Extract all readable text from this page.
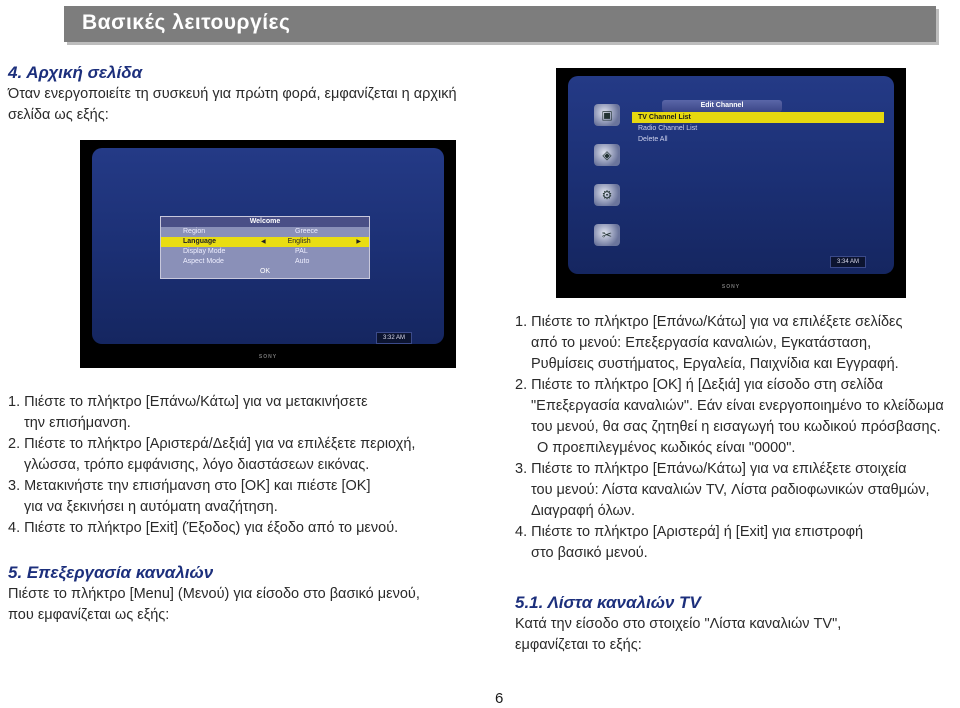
Βασικές λειτουργίες
4. Αρχική σελίδα
Όταν ενεργοποιείτε τη συσκευή για πρώτη φορά, εμφανίζεται η αρχική
σελίδα ως εξής:
Welcome
Region	Greece
Language	◀	English	▶
Display Mode	PAL
Aspect Mode	Auto
OK
3:32 AM
SONY
1. Πιέστε το πλήκτρο [Επάνω/Κάτω] για να μετακινήσετε
την επισήμανση.
2. Πιέστε το πλήκτρο [Αριστερά/Δεξιά] για να επιλέξετε περιοχή,
γλώσσα, τρόπο εμφάνισης, λόγο διαστάσεων εικόνας.
3. Μετακινήστε την επισήμανση στο [OK] και πιέστε [OK]
για να ξεκινήσει η αυτόματη αναζήτηση.
4. Πιέστε το πλήκτρο [Exit] (Έξοδος) για έξοδο από το μενού.
5. Επεξεργασία καναλιών
Πιέστε το πλήκτρο [Menu] (Μενού) για είσοδο στο βασικό μενού,
που εμφανίζεται ως εξής:
▣
◈
⚙
✂
Edit Channel
TV Channel List
Radio Channel List
Delete All
3:34 AM
SONY
1. Πιέστε το πλήκτρο [Επάνω/Κάτω] για να επιλέξετε σελίδες
από το μενού: Επεξεργασία καναλιών, Εγκατάσταση,
Ρυθμίσεις συστήματος, Εργαλεία, Παιχνίδια και Εγγραφή.
2. Πιέστε το πλήκτρο [OK] ή [Δεξιά] για είσοδο στη σελίδα
"Επεξεργασία καναλιών". Εάν είναι ενεργοποιημένο το κλείδωμα
του μενού, θα σας ζητηθεί η εισαγωγή του κωδικού πρόσβασης.
Ο προεπιλεγμένος κωδικός είναι "0000".
3. Πιέστε το πλήκτρο [Επάνω/Κάτω] για να επιλέξετε στοιχεία
του μενού: Λίστα καναλιών TV, Λίστα ραδιοφωνικών σταθμών,
Διαγραφή όλων.
4. Πιέστε το πλήκτρο [Αριστερά] ή [Exit] για επιστροφή
στο βασικό μενού.
5.1. Λίστα καναλιών TV
Κατά την είσοδο στο στοιχείο "Λίστα καναλιών TV",
εμφανίζεται το εξής:
6
